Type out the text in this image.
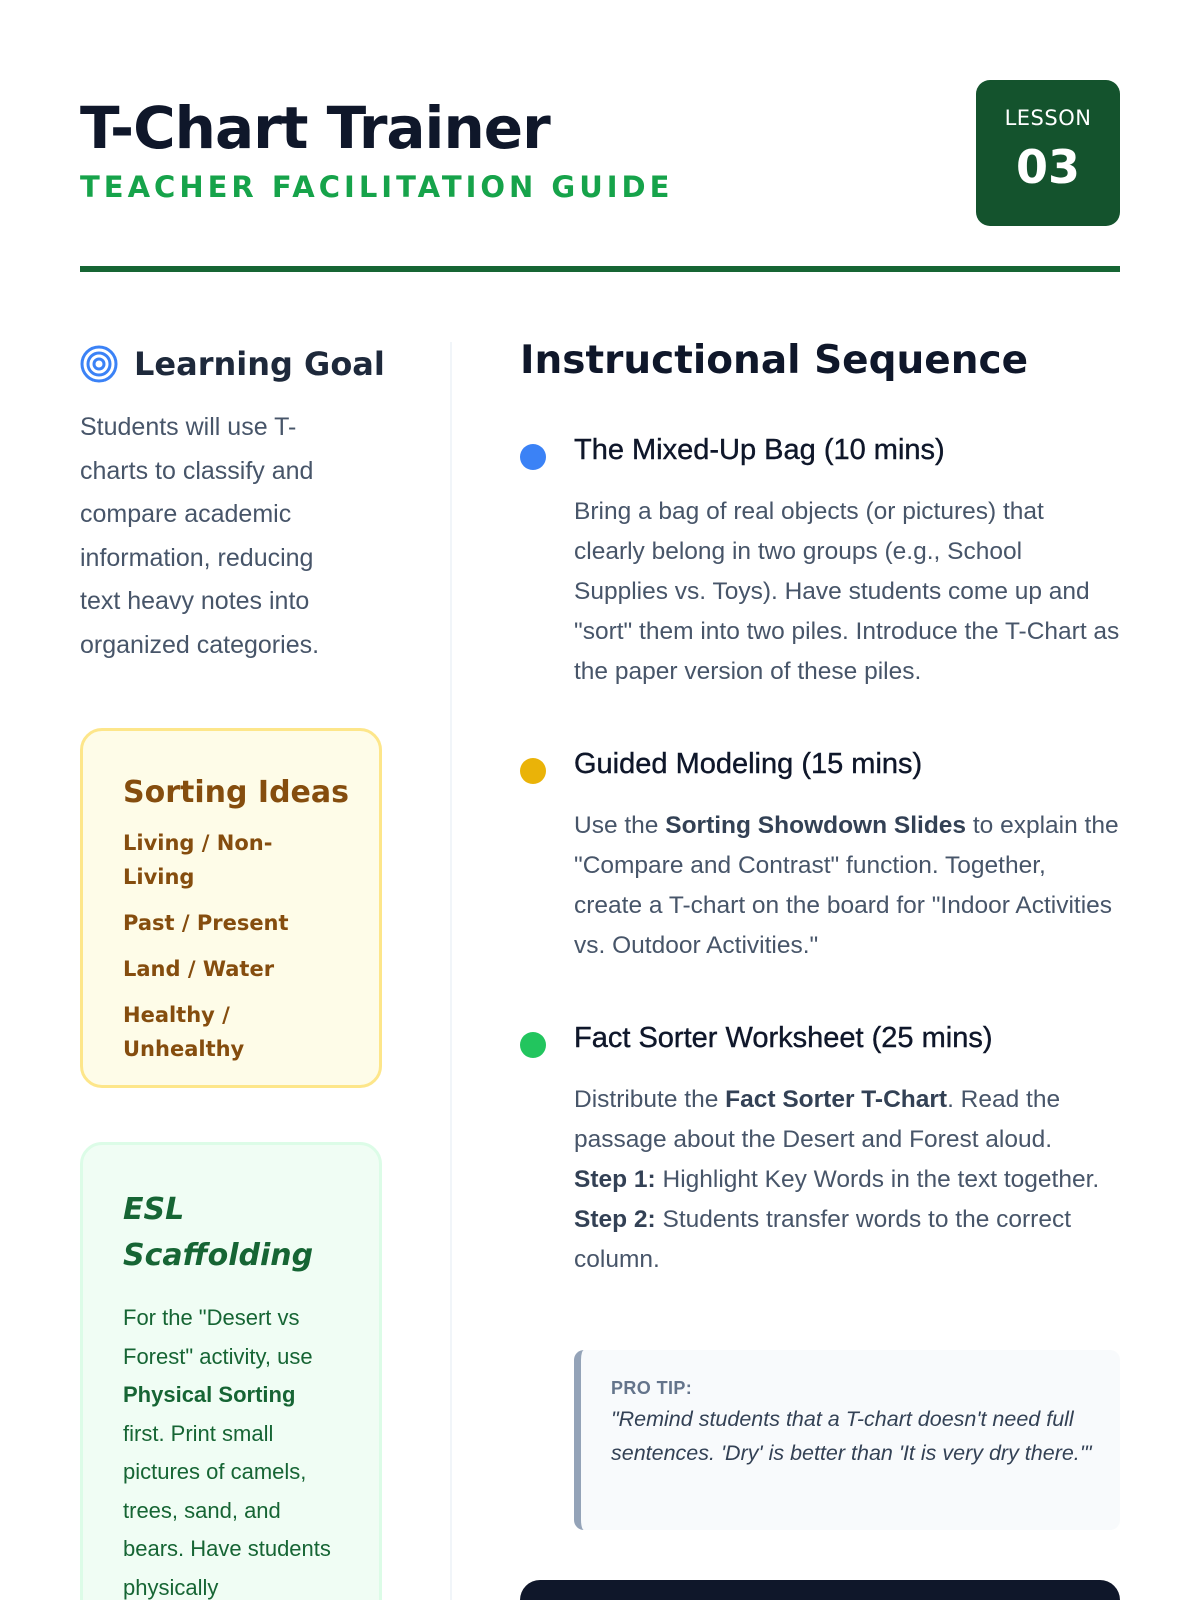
T-Chart Trainer
TEACHER FACILITATION GUIDE
LESSON
03
Learning Goal

Students will use T-charts to classify and compare academic information, reducing text heavy notes into organized categories.

Sorting Ideas
Living / Non-Living
Past / Present
Land / Water
Healthy / Unhealthy
ESL Scaffolding

For the "Desert vs Forest" activity, use Physical Sorting first. Print small pictures of camels, trees, sand, and bears. Have students physically

Instructional Sequence
The Mixed-Up Bag (10 mins)

Bring a bag of real objects (or pictures) that clearly belong in two groups (e.g., School Supplies vs. Toys). Have students come up and "sort" them into two piles. Introduce the T-Chart as the paper version of these piles.

Guided Modeling (15 mins)

Use the Sorting Showdown Slides to explain the "Compare and Contrast" function. Together, create a T-chart on the board for "Indoor Activities vs. Outdoor Activities."

Fact Sorter Worksheet (25 mins)
Distribute the Fact Sorter T-Chart. Read the passage about the Desert and Forest aloud.
Step 1: Highlight Key Words in the text together.
Step 2: Students transfer words to the correct column.
PRO TIP:

"Remind students that a T-chart doesn't need full sentences. 'Dry' is better than 'It is very dry there.'"
